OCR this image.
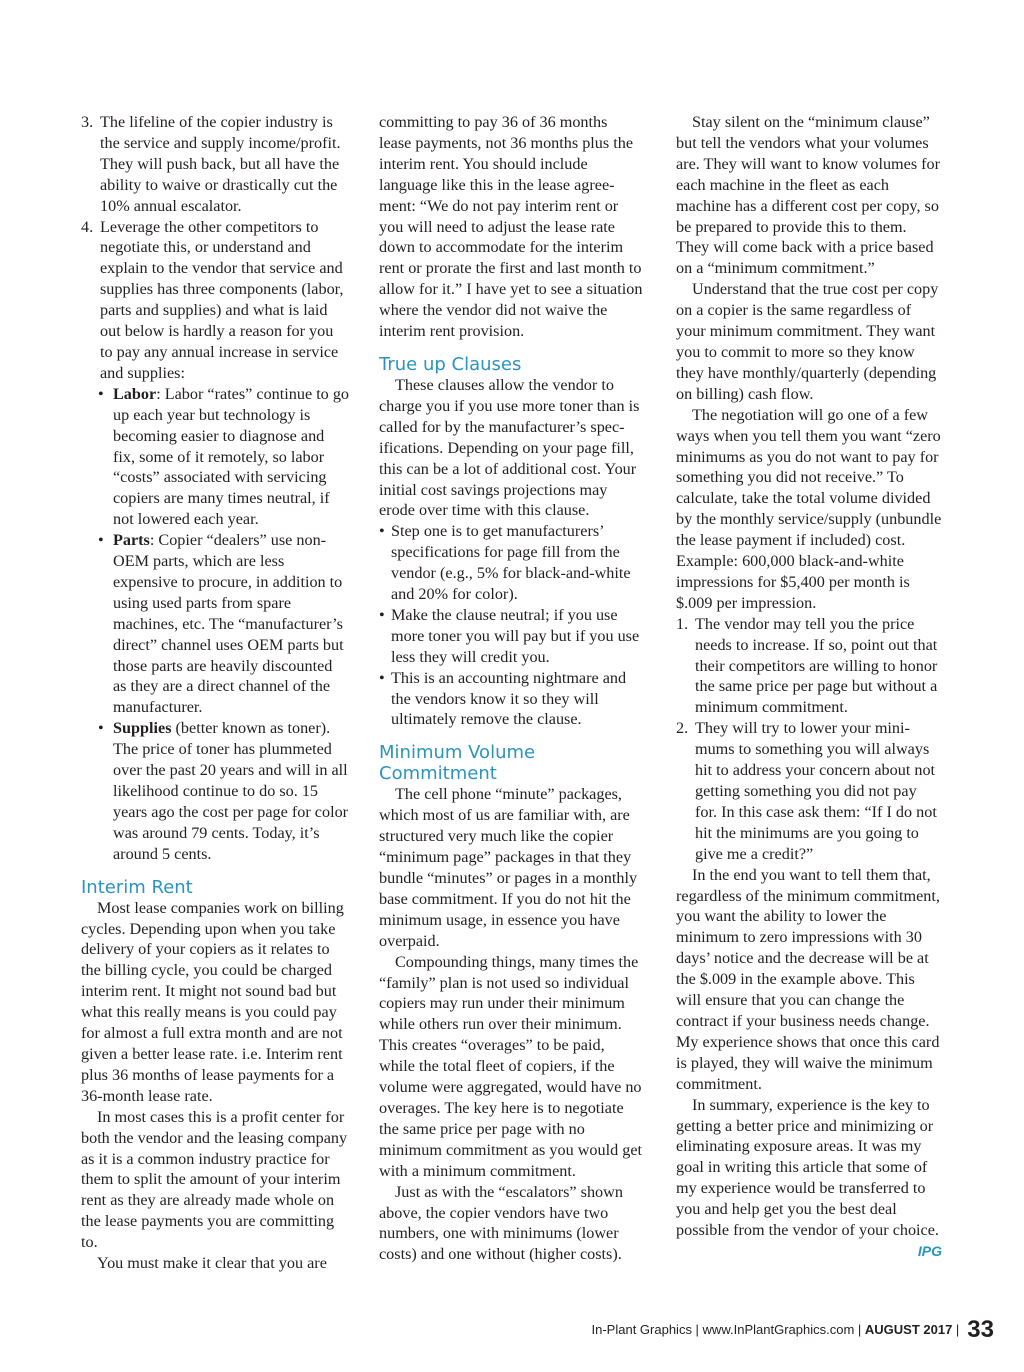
3. The lifeline of the copier industry is the service and supply income/profit. They will push back, but all have the ability to waive or drastically cut the 10% annual escalator.
4. Leverage the other competitors to negotiate this, or understand and explain to the vendor that service and supplies has three components (labor, parts and supplies) and what is laid out below is hardly a reason for you to pay any annual increase in service and supplies:
• Labor: Labor “rates” continue to go up each year but technology is becoming easier to diagnose and fix, some of it remotely, so labor “costs” associated with servicing copiers are many times neutral, if not lowered each year.
• Parts: Copier “dealers” use non-OEM parts, which are less expensive to procure, in addition to using used parts from spare machines, etc. The “manufacturer’s direct” channel uses OEM parts but those parts are heavily discounted as they are a direct channel of the manufacturer.
• Supplies (better known as toner). The price of toner has plummeted over the past 20 years and will in all likelihood continue to do so. 15 years ago the cost per page for color was around 79 cents. Today, it’s around 5 cents.
Interim Rent

Most lease companies work on billing cycles. Depending upon when you take delivery of your copiers as it relates to the billing cycle, you could be charged interim rent. It might not sound bad but what this really means is you could pay for almost a full extra month and are not given a better lease rate. i.e. Interim rent plus 36 months of lease payments for a 36-month lease rate.

In most cases this is a profit center for both the vendor and the leasing company as it is a common industry practice for them to split the amount of your interim rent as they are already made whole on the lease payments you are committing to.

You must make it clear that you are

committing to pay 36 of 36 months lease payments, not 36 months plus the interim rent. You should include language like this in the lease agreement: “We do not pay interim rent or you will need to adjust the lease rate down to accommodate for the interim rent or prorate the first and last month to allow for it.” I have yet to see a situation where the vendor did not waive the interim rent provision.

True up Clauses

These clauses allow the vendor to charge you if you use more toner than is called for by the manufacturer’s specifications. Depending on your page fill, this can be a lot of additional cost. Your initial cost savings projections may erode over time with this clause.

• Step one is to get manufacturers’ specifications for page fill from the vendor (e.g., 5% for black-and-white and 20% for color).
• Make the clause neutral; if you use more toner you will pay but if you use less they will credit you.
• This is an accounting nightmare and the vendors know it so they will ultimately remove the clause.
Minimum Volume Commitment

The cell phone “minute” packages, which most of us are familiar with, are structured very much like the copier “minimum page” packages in that they bundle “minutes” or pages in a monthly base commitment. If you do not hit the minimum usage, in essence you have overpaid.

Compounding things, many times the “family” plan is not used so individual copiers may run under their minimum while others run over their minimum. This creates “overages” to be paid, while the total fleet of copiers, if the volume were aggregated, would have no overages. The key here is to negotiate the same price per page with no minimum commitment as you would get with a minimum commitment.

Just as with the “escalators” shown above, the copier vendors have two numbers, one with minimums (lower costs) and one without (higher costs).

Stay silent on the “minimum clause” but tell the vendors what your volumes are. They will want to know volumes for each machine in the fleet as each machine has a different cost per copy, so be prepared to provide this to them. They will come back with a price based on a “minimum commitment.”

Understand that the true cost per copy on a copier is the same regardless of your minimum commitment. They want you to commit to more so they know they have monthly/quarterly (depending on billing) cash flow.

The negotiation will go one of a few ways when you tell them you want “zero minimums as you do not want to pay for something you did not receive.” To calculate, take the total volume divided by the monthly service/supply (unbundle the lease payment if included) cost. Example: 600,000 black-and-white impressions for $5,400 per month is $.009 per impression.

1. The vendor may tell you the price needs to increase. If so, point out that their competitors are willing to honor the same price per page but without a minimum commitment.
2. They will try to lower your minimums to something you will always hit to address your concern about not getting something you did not pay for. In this case ask them: “If I do not hit the minimums are you going to give me a credit?”

In the end you want to tell them that, regardless of the minimum commitment, you want the ability to lower the minimum to zero impressions with 30 days’ notice and the decrease will be at the $.009 in the example above. This will ensure that you can change the contract if your business needs change. My experience shows that once this card is played, they will waive the minimum commitment.

In summary, experience is the key to getting a better price and minimizing or eliminating exposure areas. It was my goal in writing this article that some of my experience would be transferred to you and help get you the best deal possible from the vendor of your choice.
IPG

In-Plant Graphics | www.InPlantGraphics.com | AUGUST 2017 | 33
